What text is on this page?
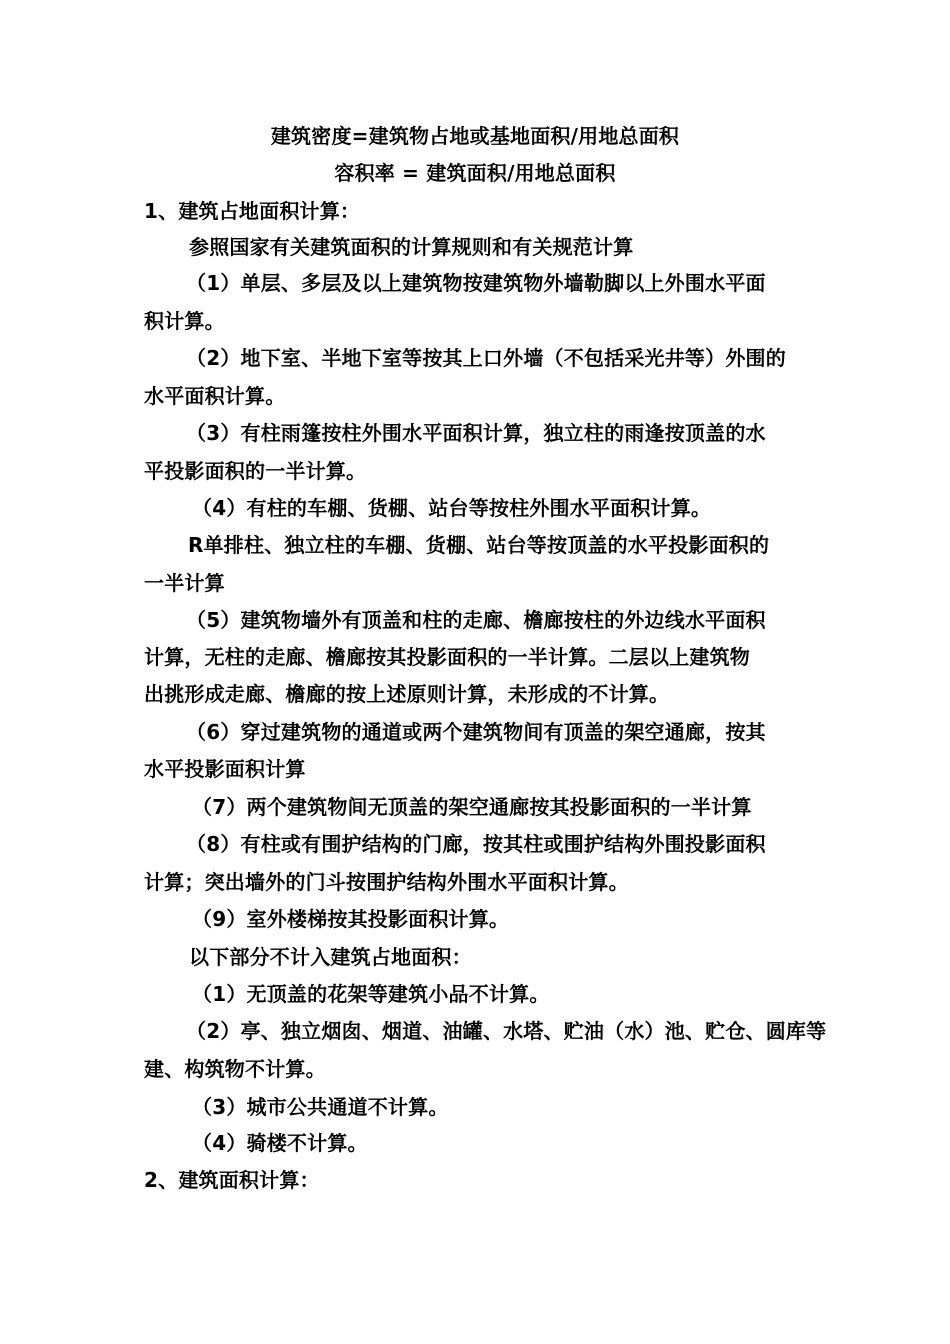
建筑密度=建筑物占地或基地面积/用地总面积
容积率 = 建筑面积/用地总面积
1、建筑占地面积计算：
参照国家有关建筑面积的计算规则和有关规范计算
（1）单层、多层及以上建筑物按建筑物外墙勒脚以上外围水平面
积计算。
（2）地下室、半地下室等按其上口外墙（不包括采光井等）外围的
水平面积计算。
（3）有柱雨篷按柱外围水平面积计算，独立柱的雨逢按顶盖的水
平投影面积的一半计算。
（4）有柱的车棚、货棚、站台等按柱外围水平面积计算。
R单排柱、独立柱的车棚、货棚、站台等按顶盖的水平投影面积的
一半计算
（5）建筑物墙外有顶盖和柱的走廊、檐廊按柱的外边线水平面积
计算，无柱的走廊、檐廊按其投影面积的一半计算。二层以上建筑物
出挑形成走廊、檐廊的按上述原则计算，未形成的不计算。
（6）穿过建筑物的通道或两个建筑物间有顶盖的架空通廊，按其
水平投影面积计算
（7）两个建筑物间无顶盖的架空通廊按其投影面积的一半计算
（8）有柱或有围护结构的门廊，按其柱或围护结构外围投影面积
计算；突出墙外的门斗按围护结构外围水平面积计算。
（9）室外楼梯按其投影面积计算。
以下部分不计入建筑占地面积：
（1）无顶盖的花架等建筑小品不计算。
（2）亭、独立烟囱、烟道、油罐、水塔、贮油（水）池、贮仓、圆库等
建、构筑物不计算。
（3）城市公共通道不计算。
（4）骑楼不计算。
2、建筑面积计算：
